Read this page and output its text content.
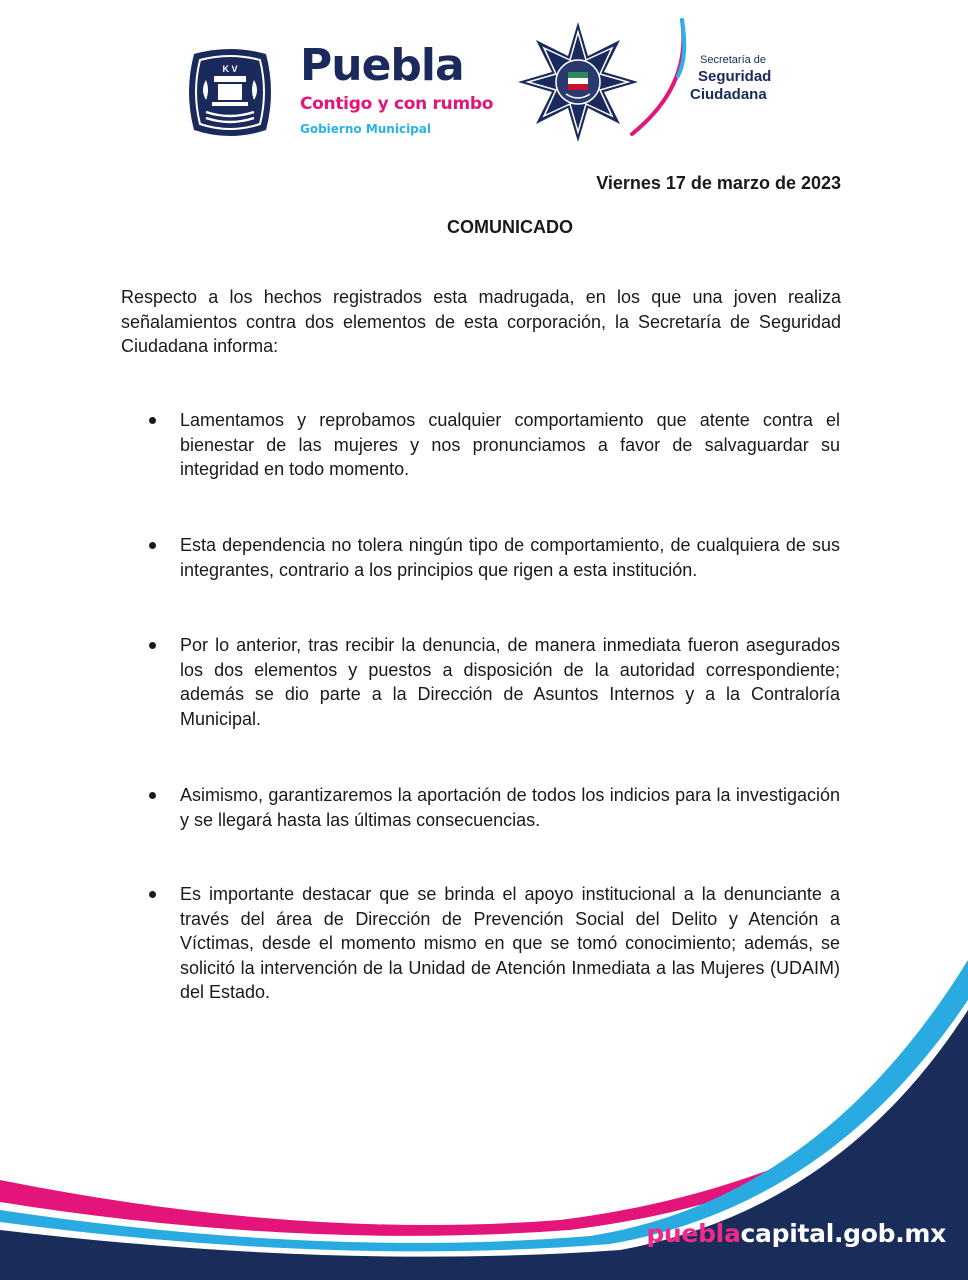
K V Puebla
Contigo y con rumbo
Gobierno Municipal
Secretaría de
Seguridad
Ciudadana
Viernes 17 de marzo de 2023
COMUNICADO
Respecto a los hechos registrados esta madrugada, en los que una joven realiza señalamientos contra dos elementos de esta corporación, la Secretaría de Seguridad Ciudadana informa:
Lamentamos y reprobamos cualquier comportamiento que atente contra el bienestar de las mujeres y nos pronunciamos a favor de salvaguardar su integridad en todo momento.
Esta dependencia no tolera ningún tipo de comportamiento, de cualquiera de sus integrantes, contrario a los principios que rigen a esta institución.
Por lo anterior, tras recibir la denuncia, de manera inmediata fueron asegurados los dos elementos y puestos a disposición de la autoridad correspondiente; además se dio parte a la Dirección de Asuntos Internos y a la Contraloría Municipal.
Asimismo, garantizaremos la aportación de todos los indicios para la investigación y se llegará hasta las últimas consecuencias.
Es importante destacar que se brinda el apoyo institucional a la denunciante a través del área de Dirección de Prevención Social del Delito y Atención a Víctimas, desde el momento mismo en que se tomó conocimiento; además, se solicitó la intervención de la Unidad de Atención Inmediata a las Mujeres (UDAIM) del Estado.
pueblacapital.gob.mx
